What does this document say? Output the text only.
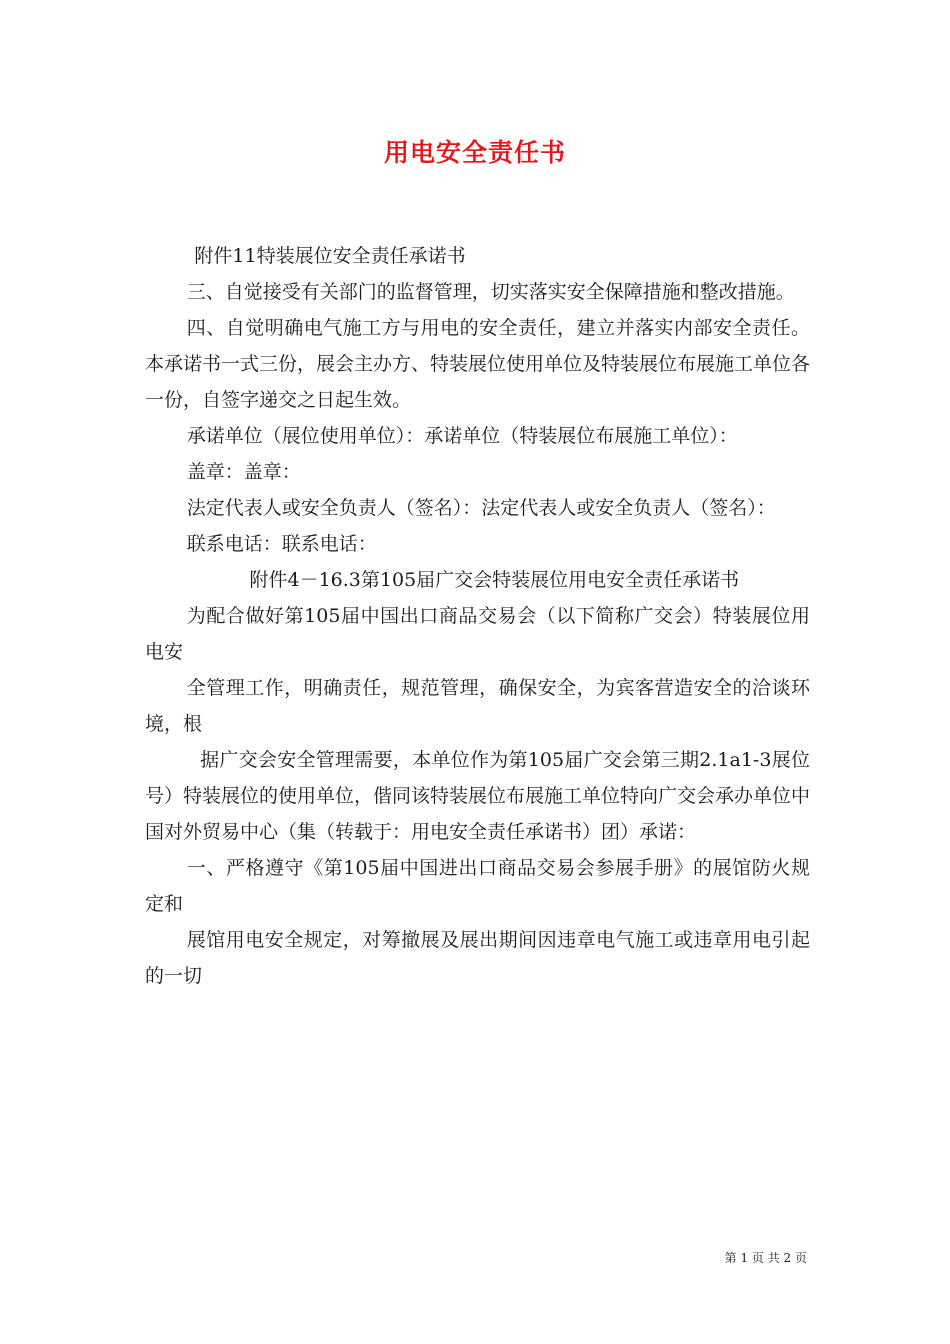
用电安全责任书

附件11特装展位安全责任承诺书

三、自觉接受有关部门的监督管理，切实落实安全保障措施和整改措施。

四、自觉明确电气施工方与用电的安全责任，建立并落实内部安全责任。本承诺书一式三份，展会主办方、特装展位使用单位及特装展位布展施工单位各一份，自签字递交之日起生效。

承诺单位（展位使用单位）：承诺单位（特装展位布展施工单位）：

盖章：盖章：

法定代表人或安全负责人（签名）：法定代表人或安全负责人（签名）：

联系电话：联系电话：

附件4－16.3第105届广交会特装展位用电安全责任承诺书

为配合做好第105届中国出口商品交易会（以下简称广交会）特装展位用电安

全管理工作，明确责任，规范管理，确保安全，为宾客营造安全的洽谈环境，根

据广交会安全管理需要，本单位作为第105届广交会第三期2.1a1-3展位号）特装展位的使用单位，偕同该特装展位布展施工单位特向广交会承办单位中国对外贸易中心（集（转载于：用电安全责任承诺书）团）承诺：

一、严格遵守《第105届中国进出口商品交易会参展手册》的展馆防火规定和

展馆用电安全规定，对筹撤展及展出期间因违章电气施工或违章用电引起的一切

第 1 页 共 2 页
